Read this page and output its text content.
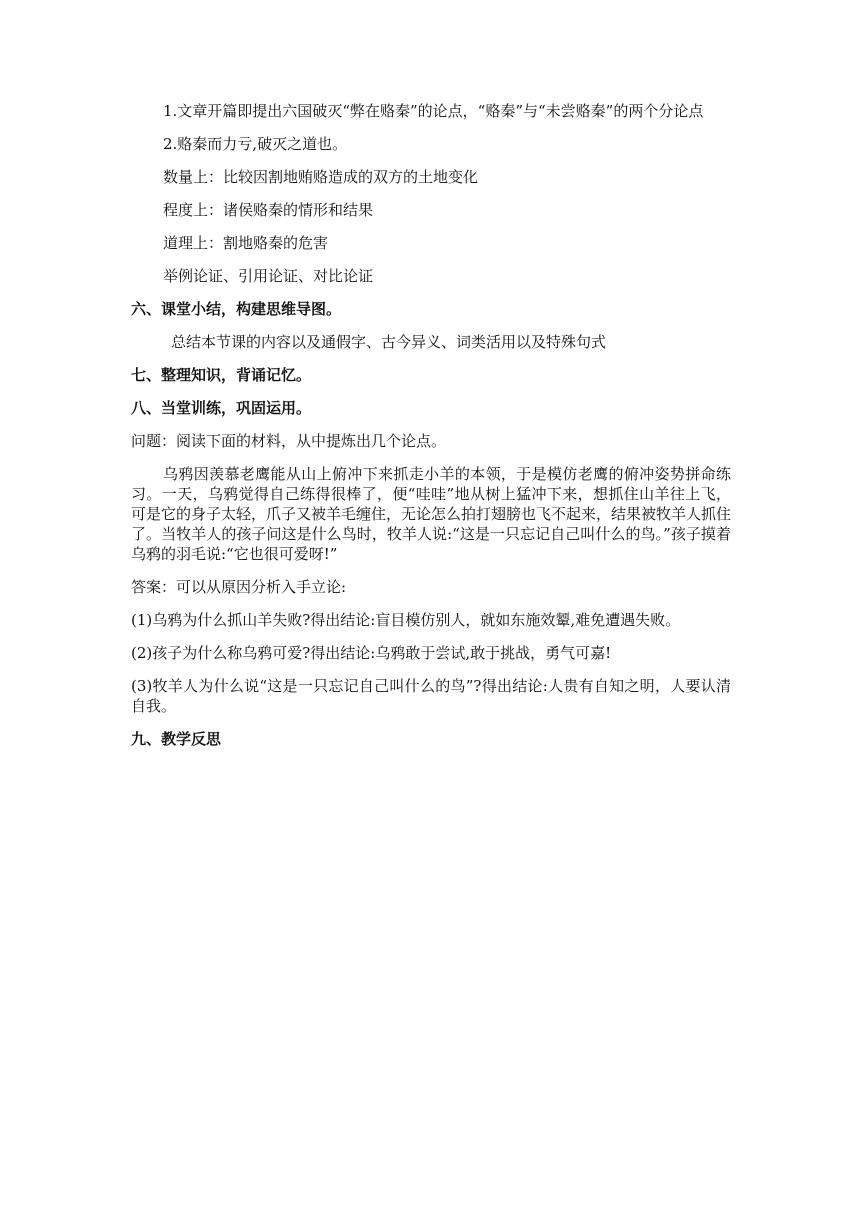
1.文章开篇即提出六国破灭“弊在赂秦”的论点，“赂秦”与“未尝赂秦”的两个分论点

2.赂秦而力亏,破灭之道也。

数量上：比较因割地贿赂造成的双方的土地变化

程度上：诸侯赂秦的情形和结果

道理上：割地赂秦的危害

举例论证、引用论证、对比论证

六、课堂小结，构建思维导图。

总结本节课的内容以及通假字、古今异义、词类活用以及特殊句式

七、整理知识，背诵记忆。

八、当堂训练，巩固运用。

问题：阅读下面的材料，从中提炼出几个论点。

乌鸦因羡慕老鹰能从山上俯冲下来抓走小羊的本领，于是模仿老鹰的俯冲姿势拼命练习。一天，乌鸦觉得自己练得很棒了，便“哇哇”地从树上猛冲下来，想抓住山羊往上飞，可是它的身子太轻，爪子又被羊毛缠住，无论怎么拍打翅膀也飞不起来，结果被牧羊人抓住了。当牧羊人的孩子问这是什么鸟时，牧羊人说:“这是一只忘记自己叫什么的鸟。”孩子摸着乌鸦的羽毛说:“它也很可爱呀!”

答案：可以从原因分析入手立论:

(1)乌鸦为什么抓山羊失败?得出结论:盲目模仿别人，就如东施效颦,难免遭遇失败。

(2)孩子为什么称乌鸦可爱?得出结论:乌鸦敢于尝试,敢于挑战，勇气可嘉!

(3)牧羊人为什么说“这是一只忘记自己叫什么的鸟”?得出结论:人贵有自知之明，人要认清自我。

九、教学反思
